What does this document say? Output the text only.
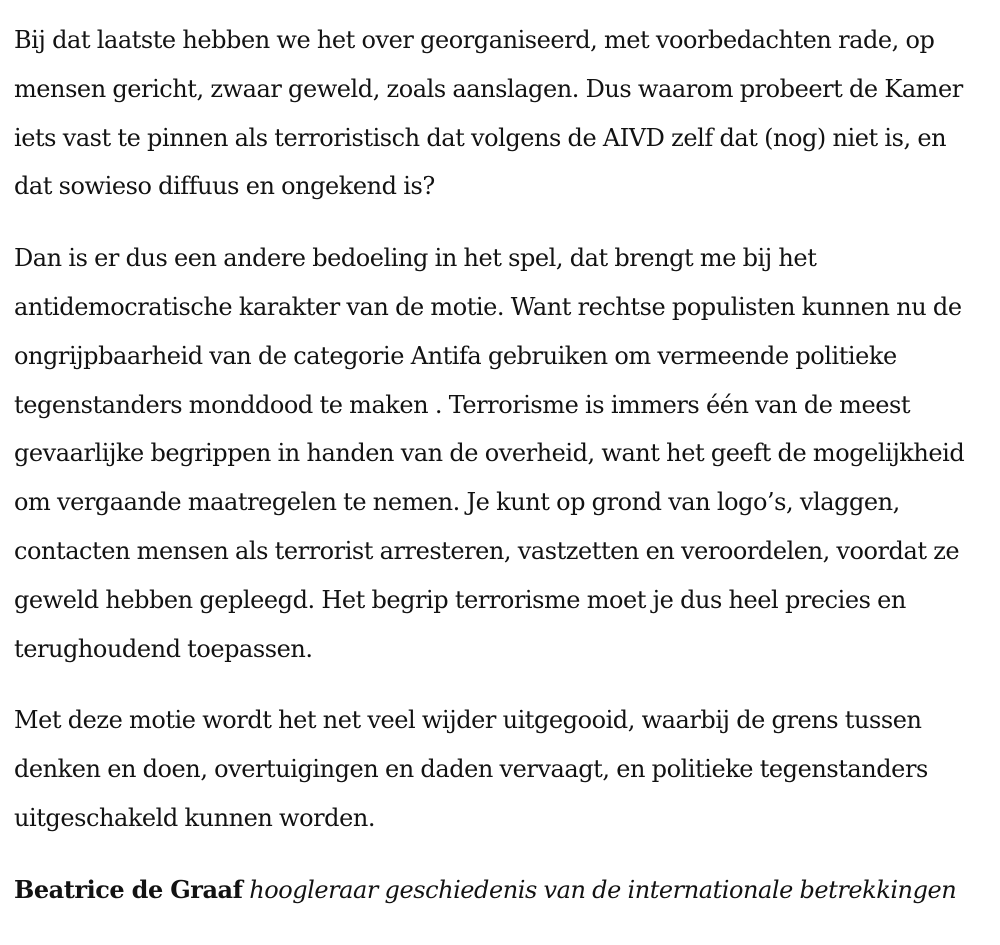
Bij dat laatste hebben we het over georganiseerd, met voorbedachten rade, op mensen gericht, zwaar geweld, zoals aanslagen. Dus waarom probeert de Kamer iets vast te pinnen als terroristisch dat volgens de AIVD zelf dat (nog) niet is, en dat sowieso diffuus en ongekend is?

Dan is er dus een andere bedoeling in het spel, dat brengt me bij het antidemocratische karakter van de motie. Want rechtse populisten kunnen nu de ongrijpbaarheid van de categorie Antifa gebruiken om vermeende politieke tegenstanders monddood te maken . Terrorisme is immers één van de meest gevaarlijke begrippen in handen van de overheid, want het geeft de mogelijkheid om vergaande maatregelen te nemen. Je kunt op grond van logo’s, vlaggen, contacten mensen als terrorist arresteren, vastzetten en veroordelen, voordat ze geweld hebben gepleegd. Het begrip terrorisme moet je dus heel precies en terughoudend toepassen.

Met deze motie wordt het net veel wijder uitgegooid, waarbij de grens tussen denken en doen, overtuigingen en daden vervaagt, en politieke tegenstanders uitgeschakeld kunnen worden.

Beatrice de Graaf hoogleraar geschiedenis van de internationale betrekkingen
